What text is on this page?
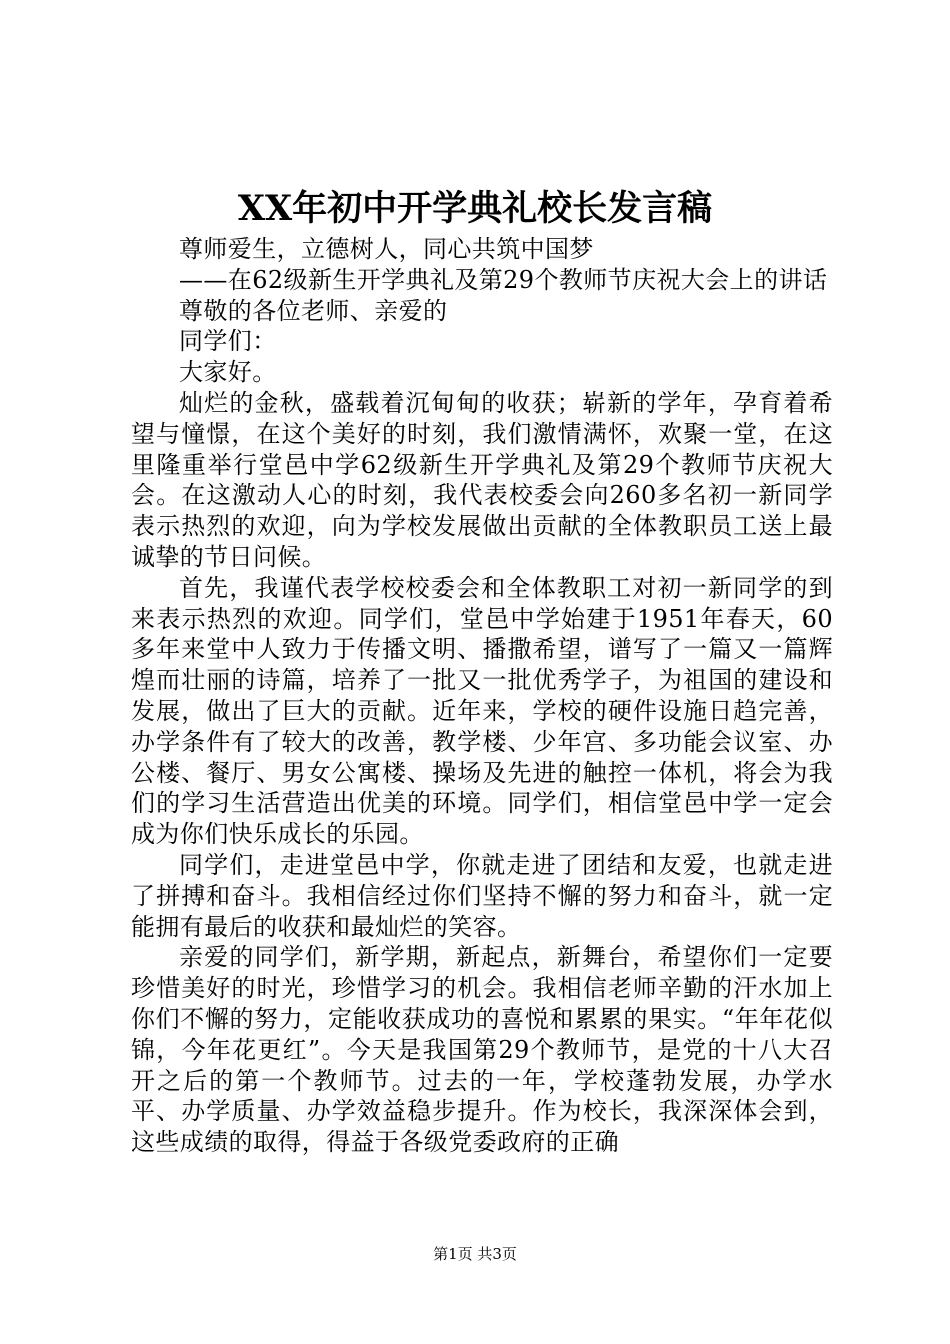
XX年初中开学典礼校长发言稿

尊师爱生，立德树人，同心共筑中国梦

——在62级新生开学典礼及第29个教师节庆祝大会上的讲话

尊敬的各位老师、亲爱的

同学们：

大家好。

灿烂的金秋，盛载着沉甸甸的收获；崭新的学年，孕育着希望与憧憬，在这个美好的时刻，我们激情满怀，欢聚一堂，在这里隆重举行堂邑中学62级新生开学典礼及第29个教师节庆祝大会。在这激动人心的时刻，我代表校委会向260多名初一新同学表示热烈的欢迎，向为学校发展做出贡献的全体教职员工送上最诚挚的节日问候。

首先，我谨代表学校校委会和全体教职工对初一新同学的到来表示热烈的欢迎。同学们，堂邑中学始建于1951年春天，60多年来堂中人致力于传播文明、播撒希望，谱写了一篇又一篇辉煌而壮丽的诗篇，培养了一批又一批优秀学子，为祖国的建设和发展，做出了巨大的贡献。近年来，学校的硬件设施日趋完善，办学条件有了较大的改善，教学楼、少年宫、多功能会议室、办公楼、餐厅、男女公寓楼、操场及先进的触控一体机，将会为我们的学习生活营造出优美的环境。同学们，相信堂邑中学一定会成为你们快乐成长的乐园。

同学们，走进堂邑中学，你就走进了团结和友爱，也就走进了拼搏和奋斗。我相信经过你们坚持不懈的努力和奋斗，就一定能拥有最后的收获和最灿烂的笑容。

亲爱的同学们，新学期，新起点，新舞台，希望你们一定要珍惜美好的时光，珍惜学习的机会。我相信老师辛勤的汗水加上你们不懈的努力，定能收获成功的喜悦和累累的果实。“年年花似锦，今年花更红”。今天是我国第29个教师节，是党的十八大召开之后的第一个教师节。过去的一年，学校蓬勃发展，办学水平、办学质量、办学效益稳步提升。作为校长，我深深体会到，这些成绩的取得，得益于各级党委政府的正确

第1页 共3页
